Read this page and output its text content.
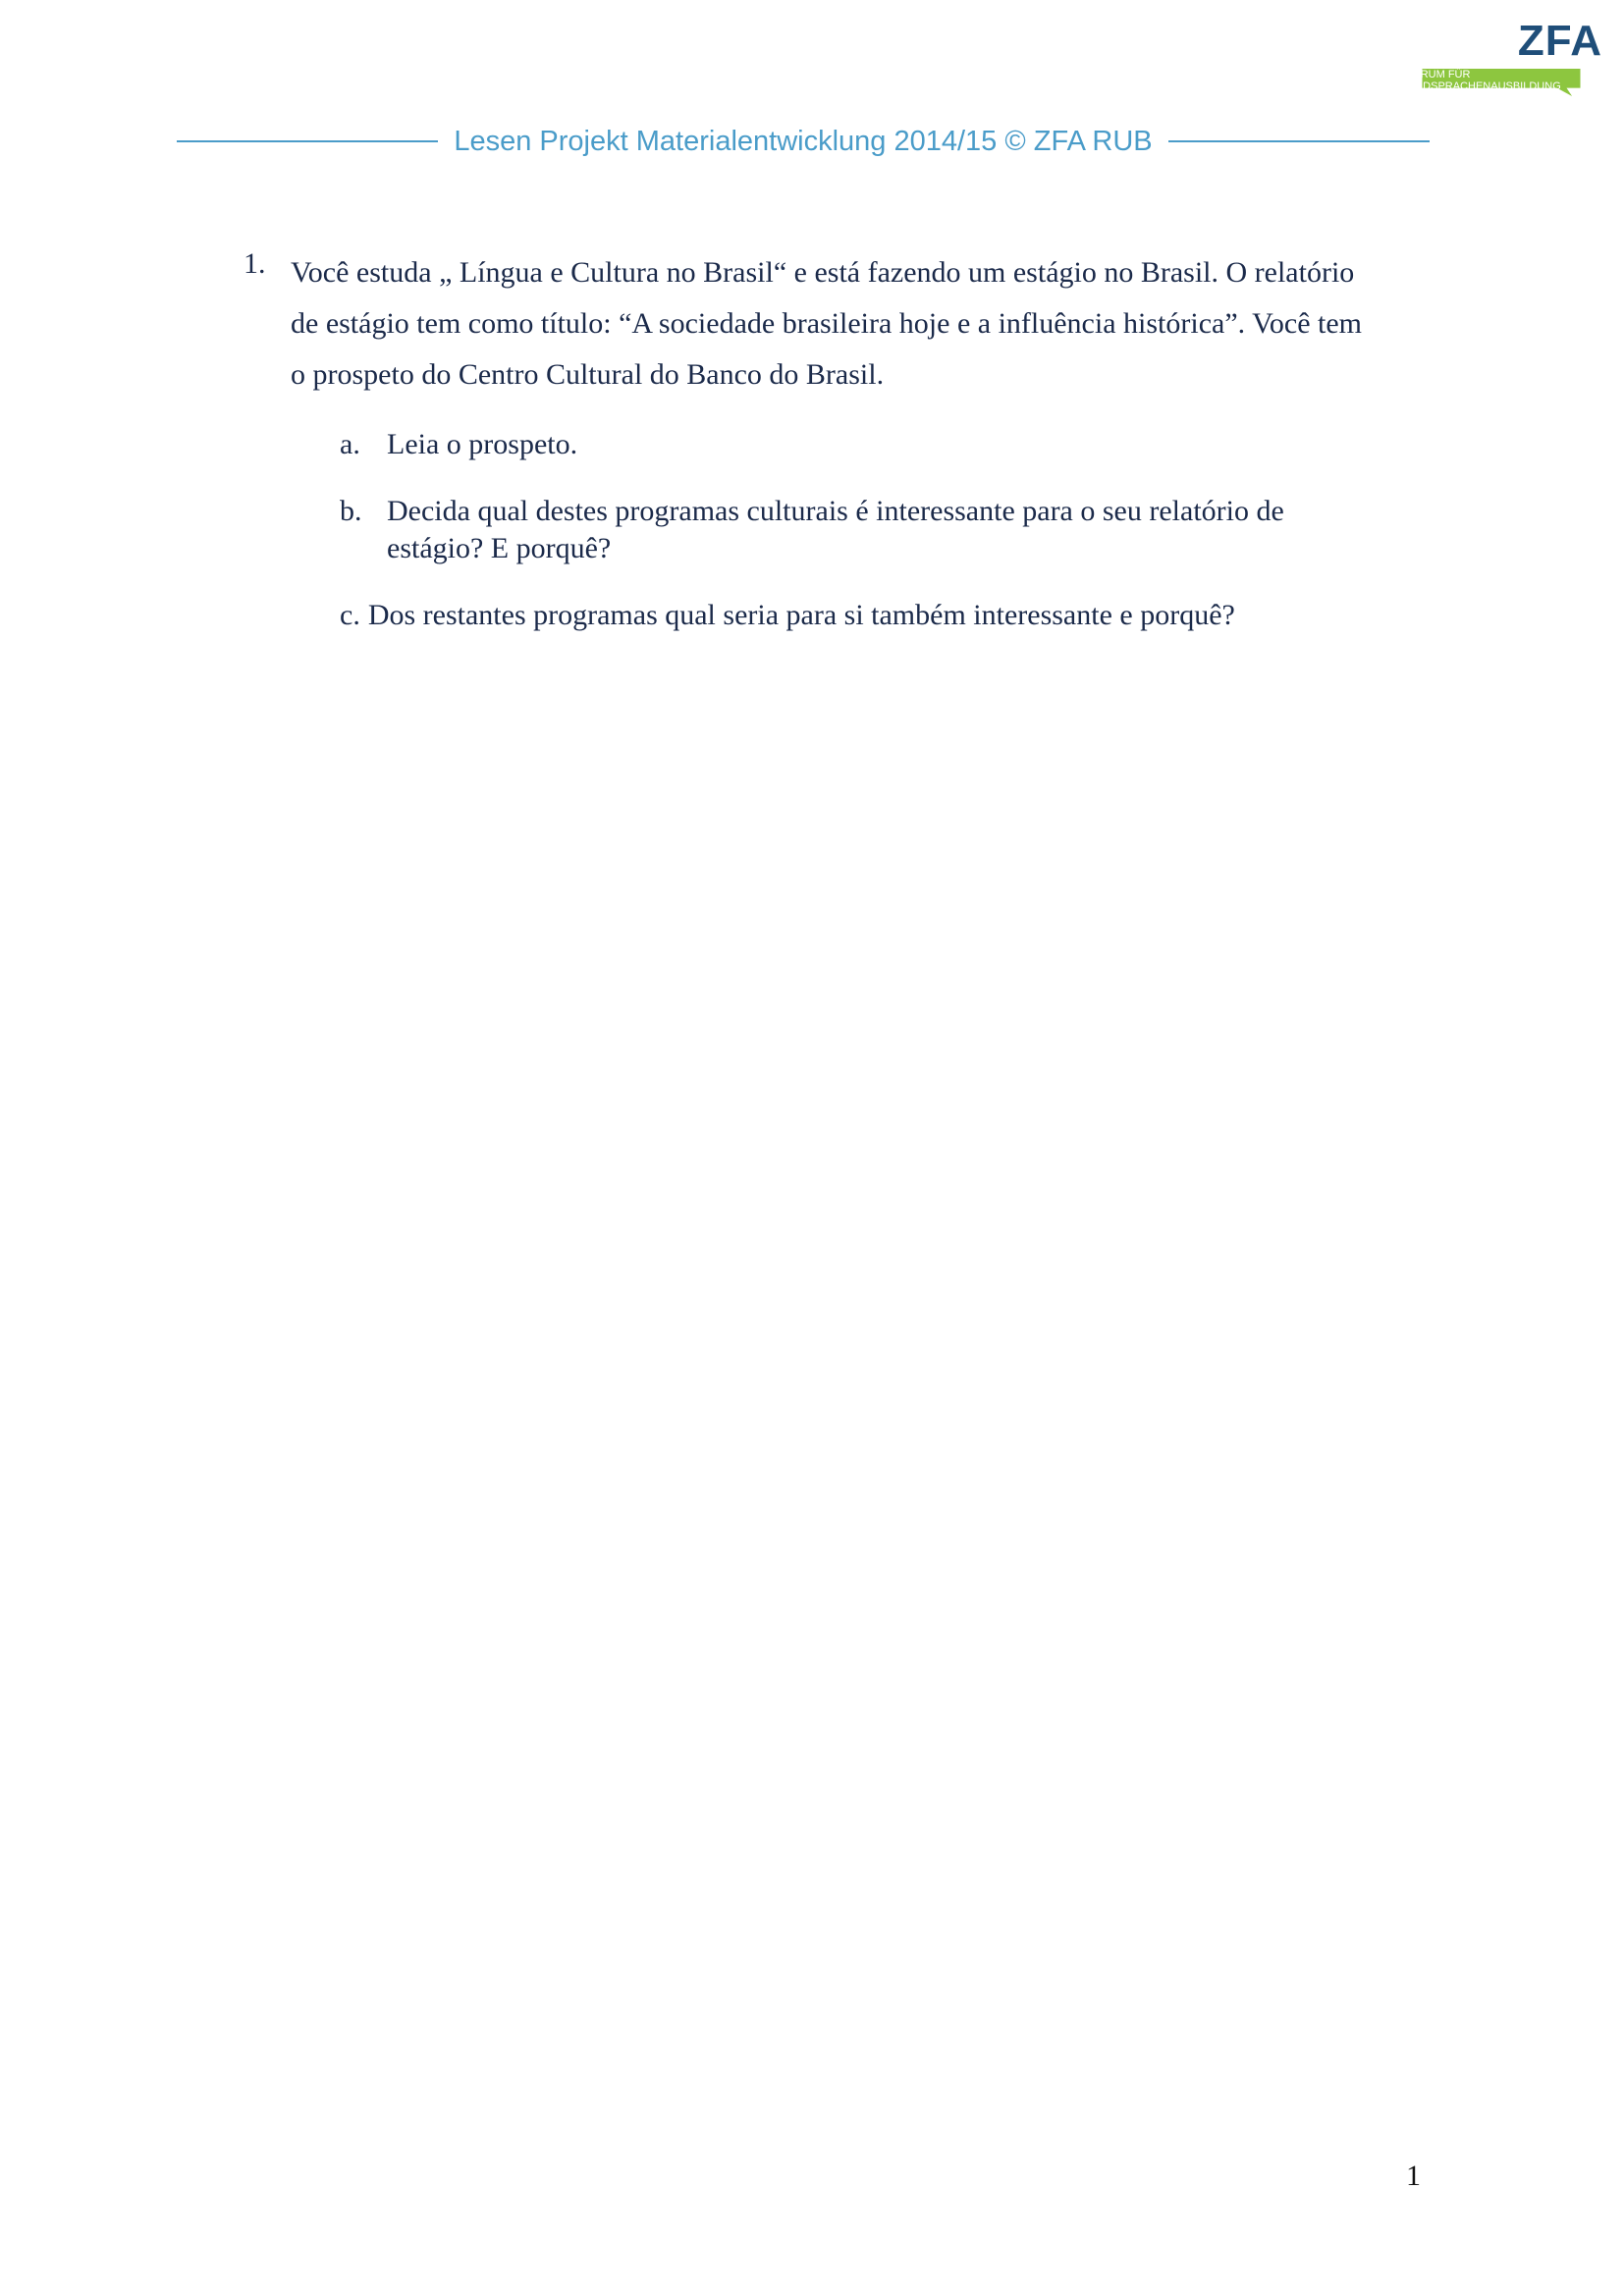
ZFA
ZENTRUM FÜR FREMDSPRACHENAUSBILDUNG
Lesen Projekt Materialentwicklung 2014/15 © ZFA RUB
1. Você estuda „ Língua e Cultura no Brasil“ e está fazendo um estágio no Brasil. O relatório de estágio tem como título: “A sociedade brasileira hoje e a influência histórica”. Você tem o prospeto do Centro Cultural do Banco do Brasil.
a. Leia o prospeto.
b. Decida qual destes programas culturais é interessante para o seu relatório de estágio? E porquê?
c. Dos restantes programas qual seria para si também interessante e porquê?
1
